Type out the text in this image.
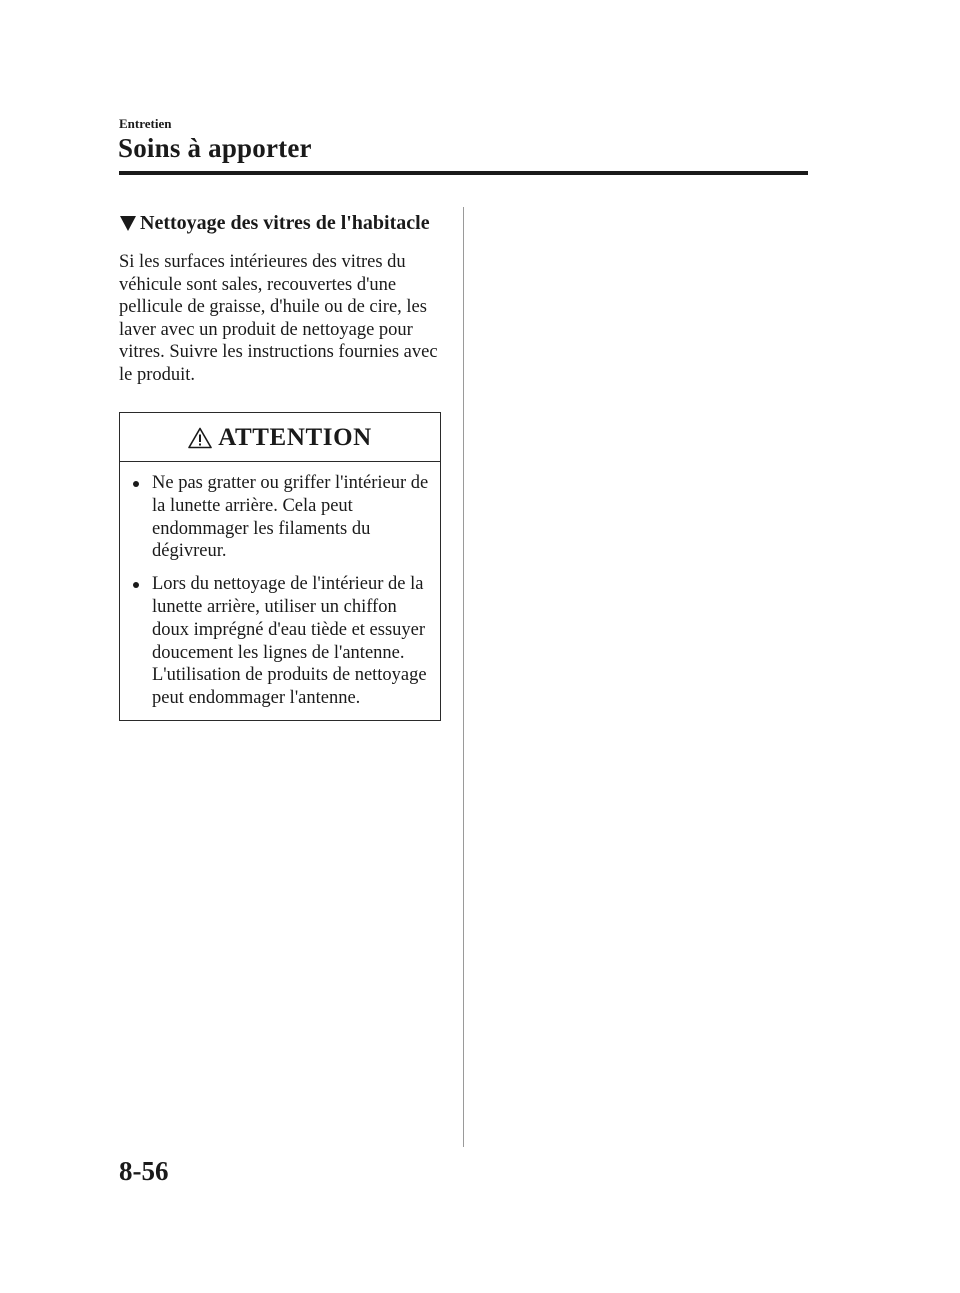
Entretien
Soins à apporter
Nettoyage des vitres de l'habitacle

Si les surfaces intérieures des vitres du véhicule sont sales, recouvertes d'une pellicule de graisse, d'huile ou de cire, les laver avec un produit de nettoyage pour vitres. Suivre les instructions fournies avec le produit.

ATTENTION
Ne pas gratter ou griffer l'intérieur de la lunette arrière. Cela peut endommager les filaments du dégivreur.
Lors du nettoyage de l'intérieur de la lunette arrière, utiliser un chiffon doux imprégné d'eau tiède et essuyer doucement les lignes de l'antenne. L'utilisation de produits de nettoyage peut endommager l'antenne.
8-56
